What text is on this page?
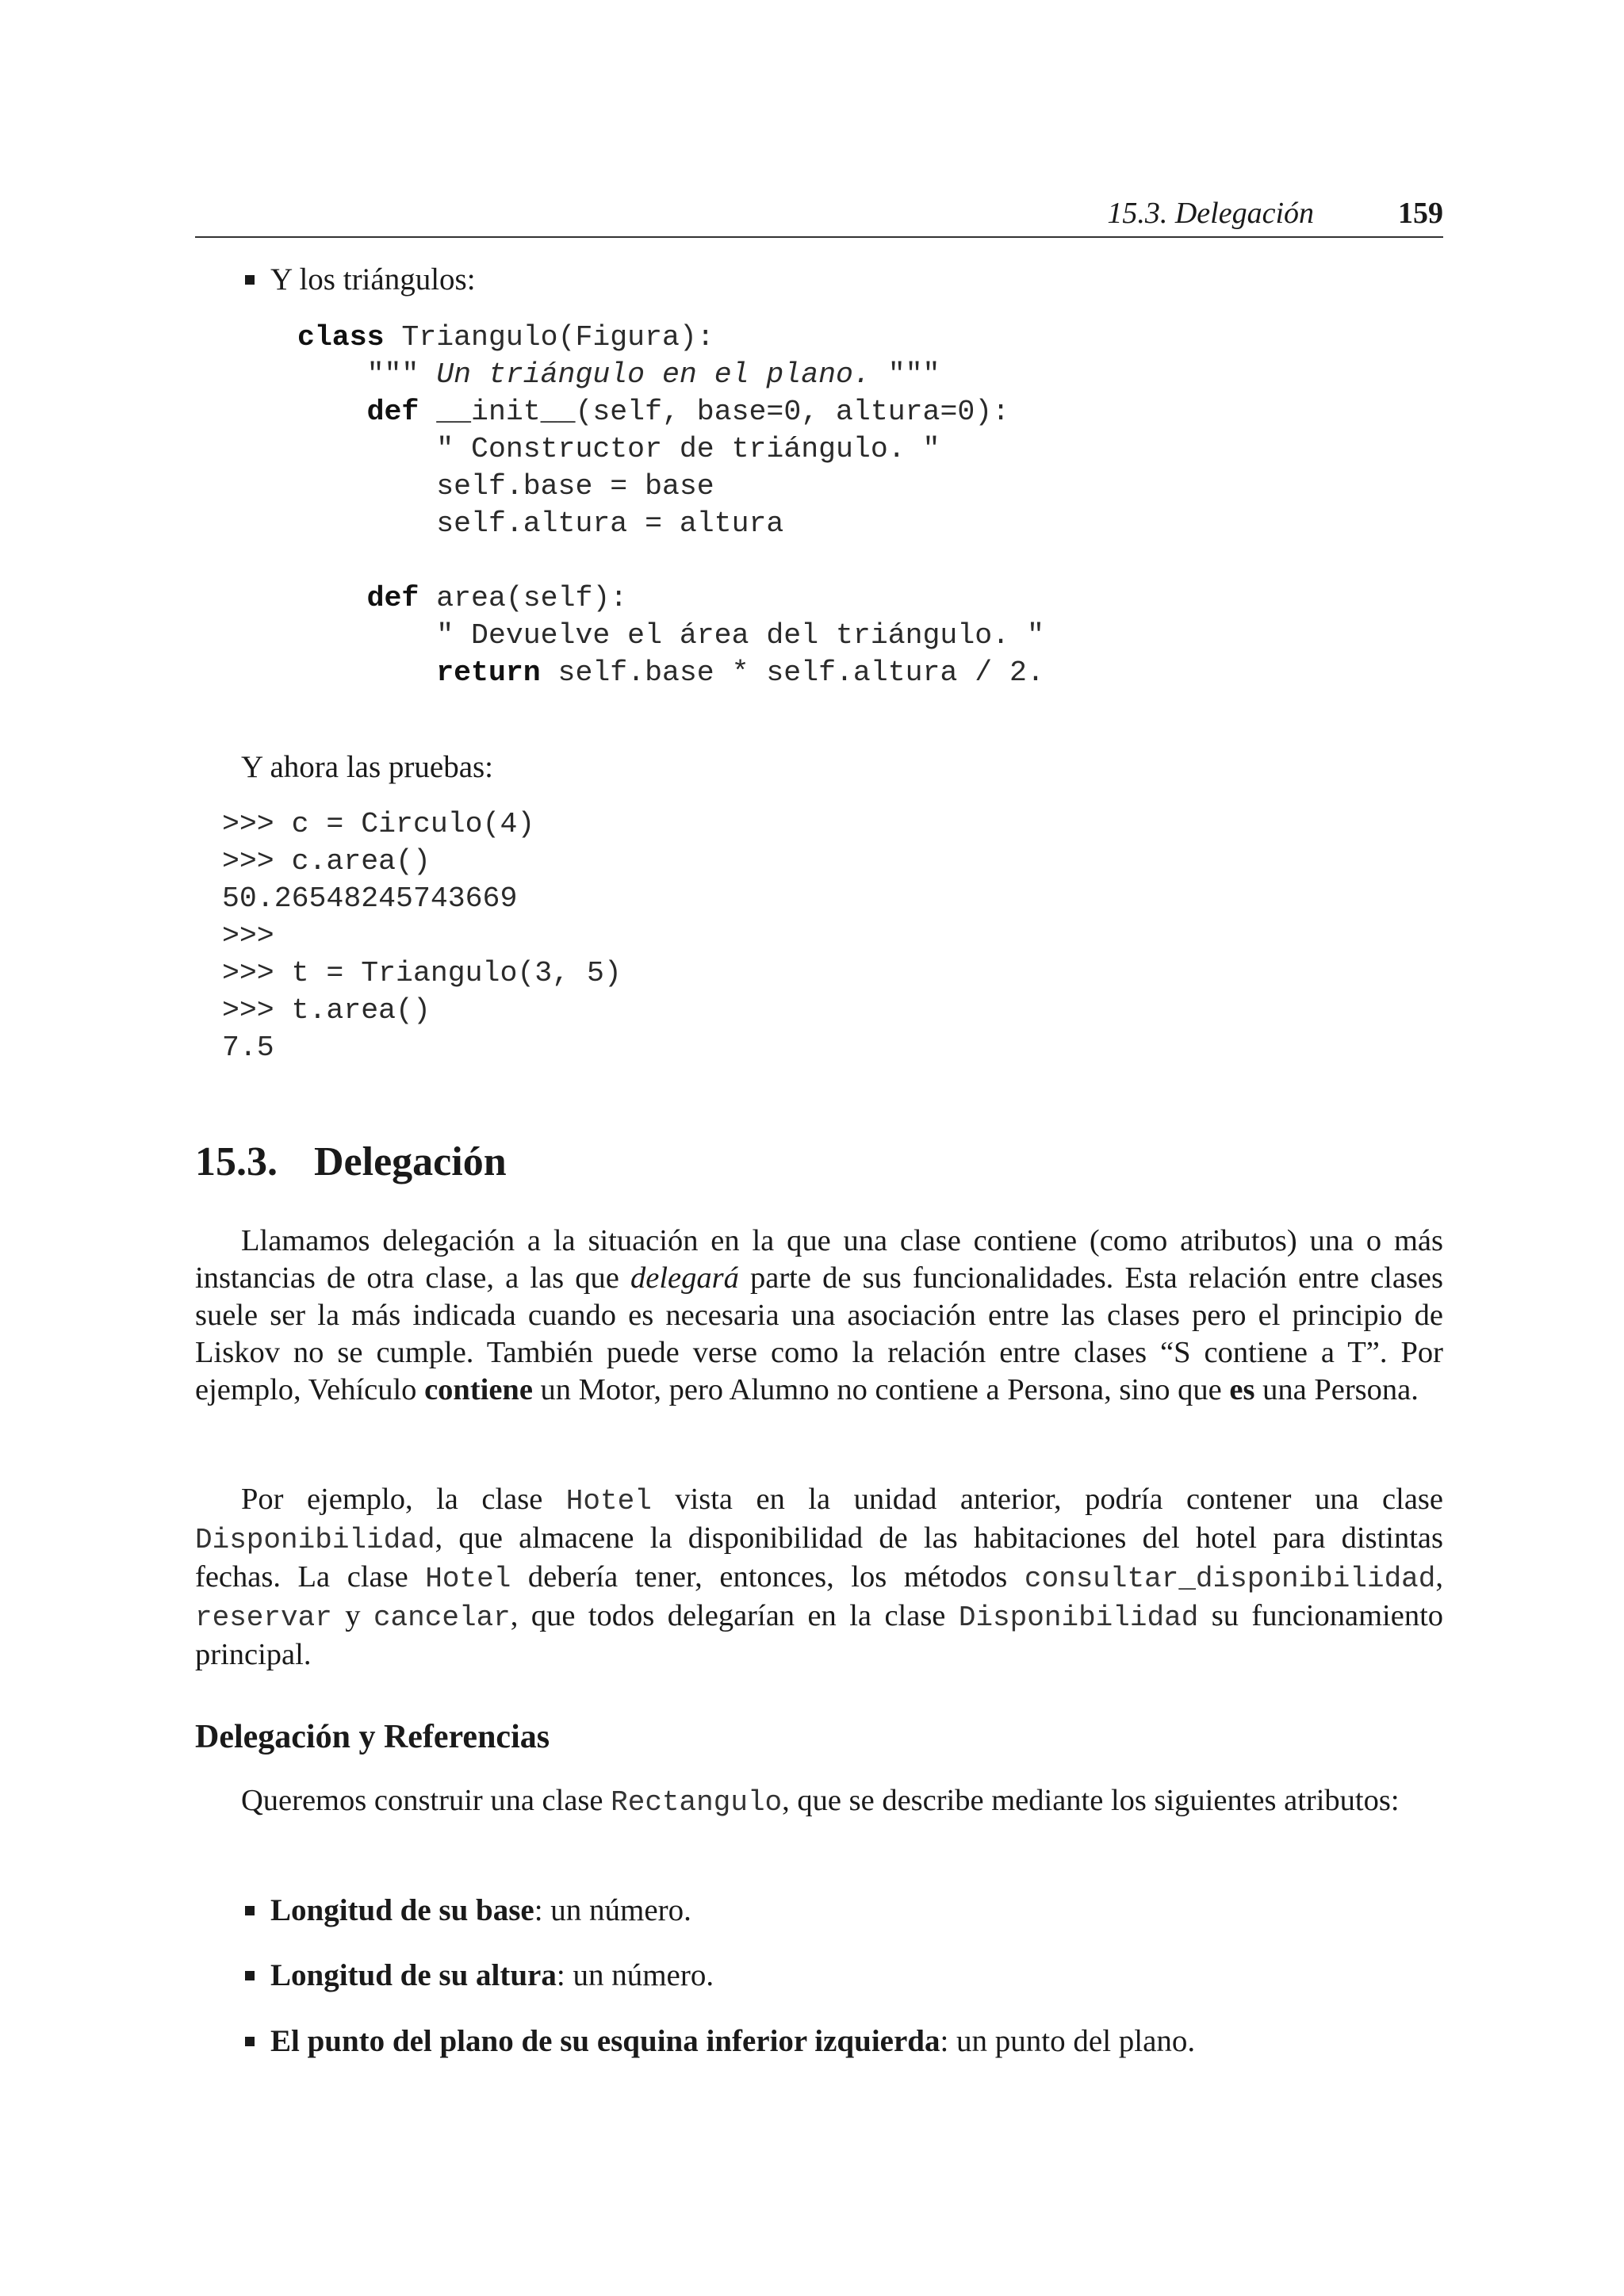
15.3. Delegación	159
Y los triángulos:
class Triangulo(Figura):
""" Un triángulo en el plano. """
def __init__(self, base=0, altura=0):
" Constructor de triángulo. "
self.base = base
self.altura = altura
def area(self):
" Devuelve el área del triángulo. "
return self.base * self.altura / 2.
Y ahora las pruebas:
>>> c = Circulo(4)
>>> c.area()
50.26548245743669
>>>
>>> t = Triangulo(3, 5)
>>> t.area()
7.5
15.3. Delegación
Llamamos delegación a la situación en la que una clase contiene (como atributos) una o más instancias de otra clase, a las que delegará parte de sus funcionalidades. Esta relación entre clases suele ser la más indicada cuando es necesaria una asociación entre las clases pero el principio de Liskov no se cumple. También puede verse como la relación entre clases “S contiene a T”. Por ejemplo, Vehículo contiene un Motor, pero Alumno no contiene a Persona, sino que es una Persona.
Por ejemplo, la clase Hotel vista en la unidad anterior, podría contener una clase Disponibilidad, que almacene la disponibilidad de las habitaciones del hotel para distintas fechas. La clase Hotel debería tener, entonces, los métodos consultar_disponibilidad, reservar y cancelar, que todos delegarían en la clase Disponibilidad su funcionamiento principal.
Delegación y Referencias
Queremos construir una clase Rectangulo, que se describe mediante los siguientes atributos:
Longitud de su base: un número.
Longitud de su altura: un número.
El punto del plano de su esquina inferior izquierda: un punto del plano.
